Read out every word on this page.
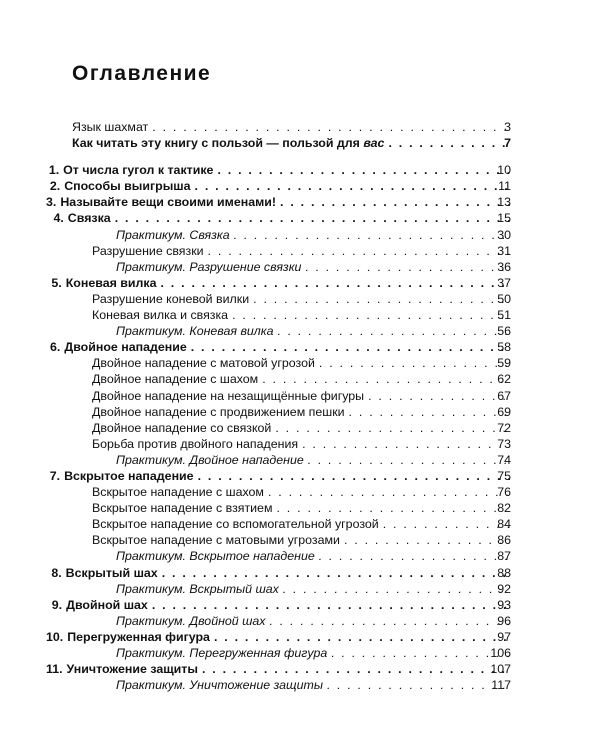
Оглавление
Язык шахмат . .	3
Как читать эту книгу с пользой — пользой для вас . .	7
1. От числа гугол к тактике . .	10
2. Способы выигрыша . .	11
3. Называйте вещи своими именами! . .	13
4. Связка . .	15
Практикум. Связка . .	30
Разрушение связки . .	31
Практикум. Разрушение связки . .	36
5. Коневая вилка . .	37
Разрушение коневой вилки . .	50
Коневая вилка и связка . .	51
Практикум. Коневая вилка . .	56
6. Двойное нападение . .	58
Двойное нападение с матовой угрозой . .	59
Двойное нападение с шахом . .	62
Двойное нападение на незащищённые фигуры . .	67
Двойное нападение с продвижением пешки . .	69
Двойное нападение со связкой . .	72
Борьба против двойного нападения . .	73
Практикум. Двойное нападение . .	74
7. Вскрытое нападение . .	75
Вскрытое нападение с шахом . .	76
Вскрытое нападение с взятием . .	82
Вскрытое нападение со вспомогательной угрозой . .	84
Вскрытое нападение с матовыми угрозами . .	86
Практикум. Вскрытое нападение . .	87
8. Вскрытый шах . .	88
Практикум. Вскрытый шах . .	92
9. Двойной шах . .	93
Практикум. Двойной шах . .	96
10. Перегруженная фигура . .	97
Практикум. Перегруженная фигура . .	106
11. Уничтожение защиты . .	107
Практикум. Уничтожение защиты . .	117
